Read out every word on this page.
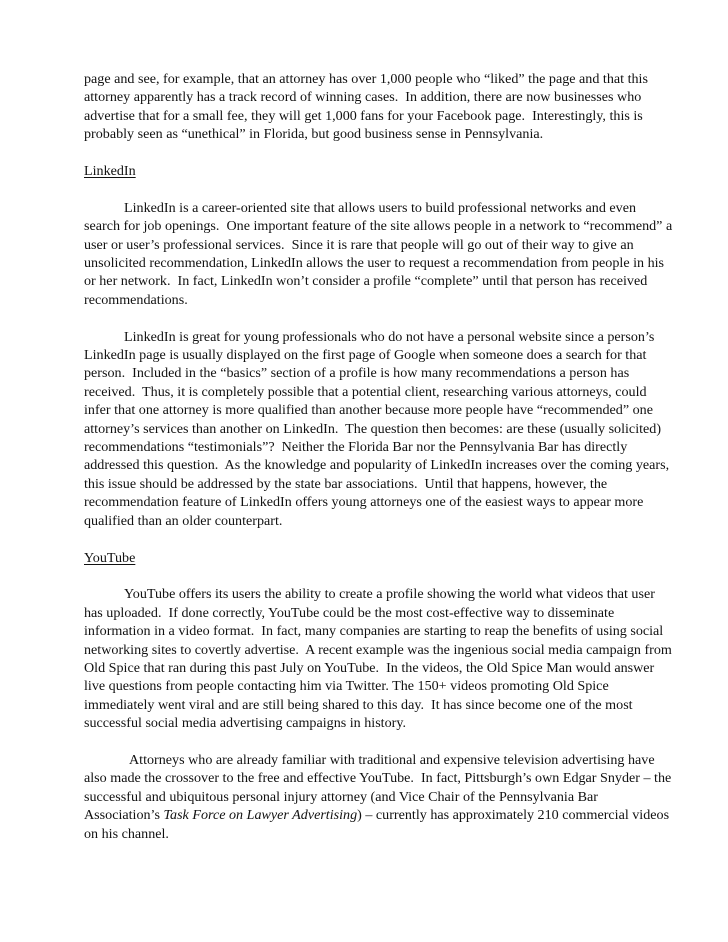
page and see, for example, that an attorney has over 1,000 people who “liked” the page and that this attorney apparently has a track record of winning cases.  In addition, there are now businesses who advertise that for a small fee, they will get 1,000 fans for your Facebook page.  Interestingly, this is probably seen as “unethical” in Florida, but good business sense in Pennsylvania.

LinkedIn

LinkedIn is a career-oriented site that allows users to build professional networks and even search for job openings.  One important feature of the site allows people in a network to “recommend” a user or user’s professional services.  Since it is rare that people will go out of their way to give an unsolicited recommendation, LinkedIn allows the user to request a recommendation from people in his or her network.  In fact, LinkedIn won’t consider a profile “complete” until that person has received recommendations.

LinkedIn is great for young professionals who do not have a personal website since a person’s LinkedIn page is usually displayed on the first page of Google when someone does a search for that person.  Included in the “basics” section of a profile is how many recommendations a person has received.  Thus, it is completely possible that a potential client, researching various attorneys, could infer that one attorney is more qualified than another because more people have “recommended” one attorney’s services than another on LinkedIn.  The question then becomes: are these (usually solicited) recommendations “testimonials”?  Neither the Florida Bar nor the Pennsylvania Bar has directly addressed this question.  As the knowledge and popularity of LinkedIn increases over the coming years, this issue should be addressed by the state bar associations.  Until that happens, however, the recommendation feature of LinkedIn offers young attorneys one of the easiest ways to appear more qualified than an older counterpart.

YouTube

YouTube offers its users the ability to create a profile showing the world what videos that user has uploaded.  If done correctly, YouTube could be the most cost-effective way to disseminate information in a video format.  In fact, many companies are starting to reap the benefits of using social networking sites to covertly advertise.  A recent example was the ingenious social media campaign from Old Spice that ran during this past July on YouTube.  In the videos, the Old Spice Man would answer live questions from people contacting him via Twitter. The 150+ videos promoting Old Spice immediately went viral and are still being shared to this day.  It has since become one of the most successful social media advertising campaigns in history.

Attorneys who are already familiar with traditional and expensive television advertising have also made the crossover to the free and effective YouTube.  In fact, Pittsburgh’s own Edgar Snyder – the successful and ubiquitous personal injury attorney (and Vice Chair of the Pennsylvania Bar Association’s Task Force on Lawyer Advertising) – currently has approximately 210 commercial videos on his channel.
